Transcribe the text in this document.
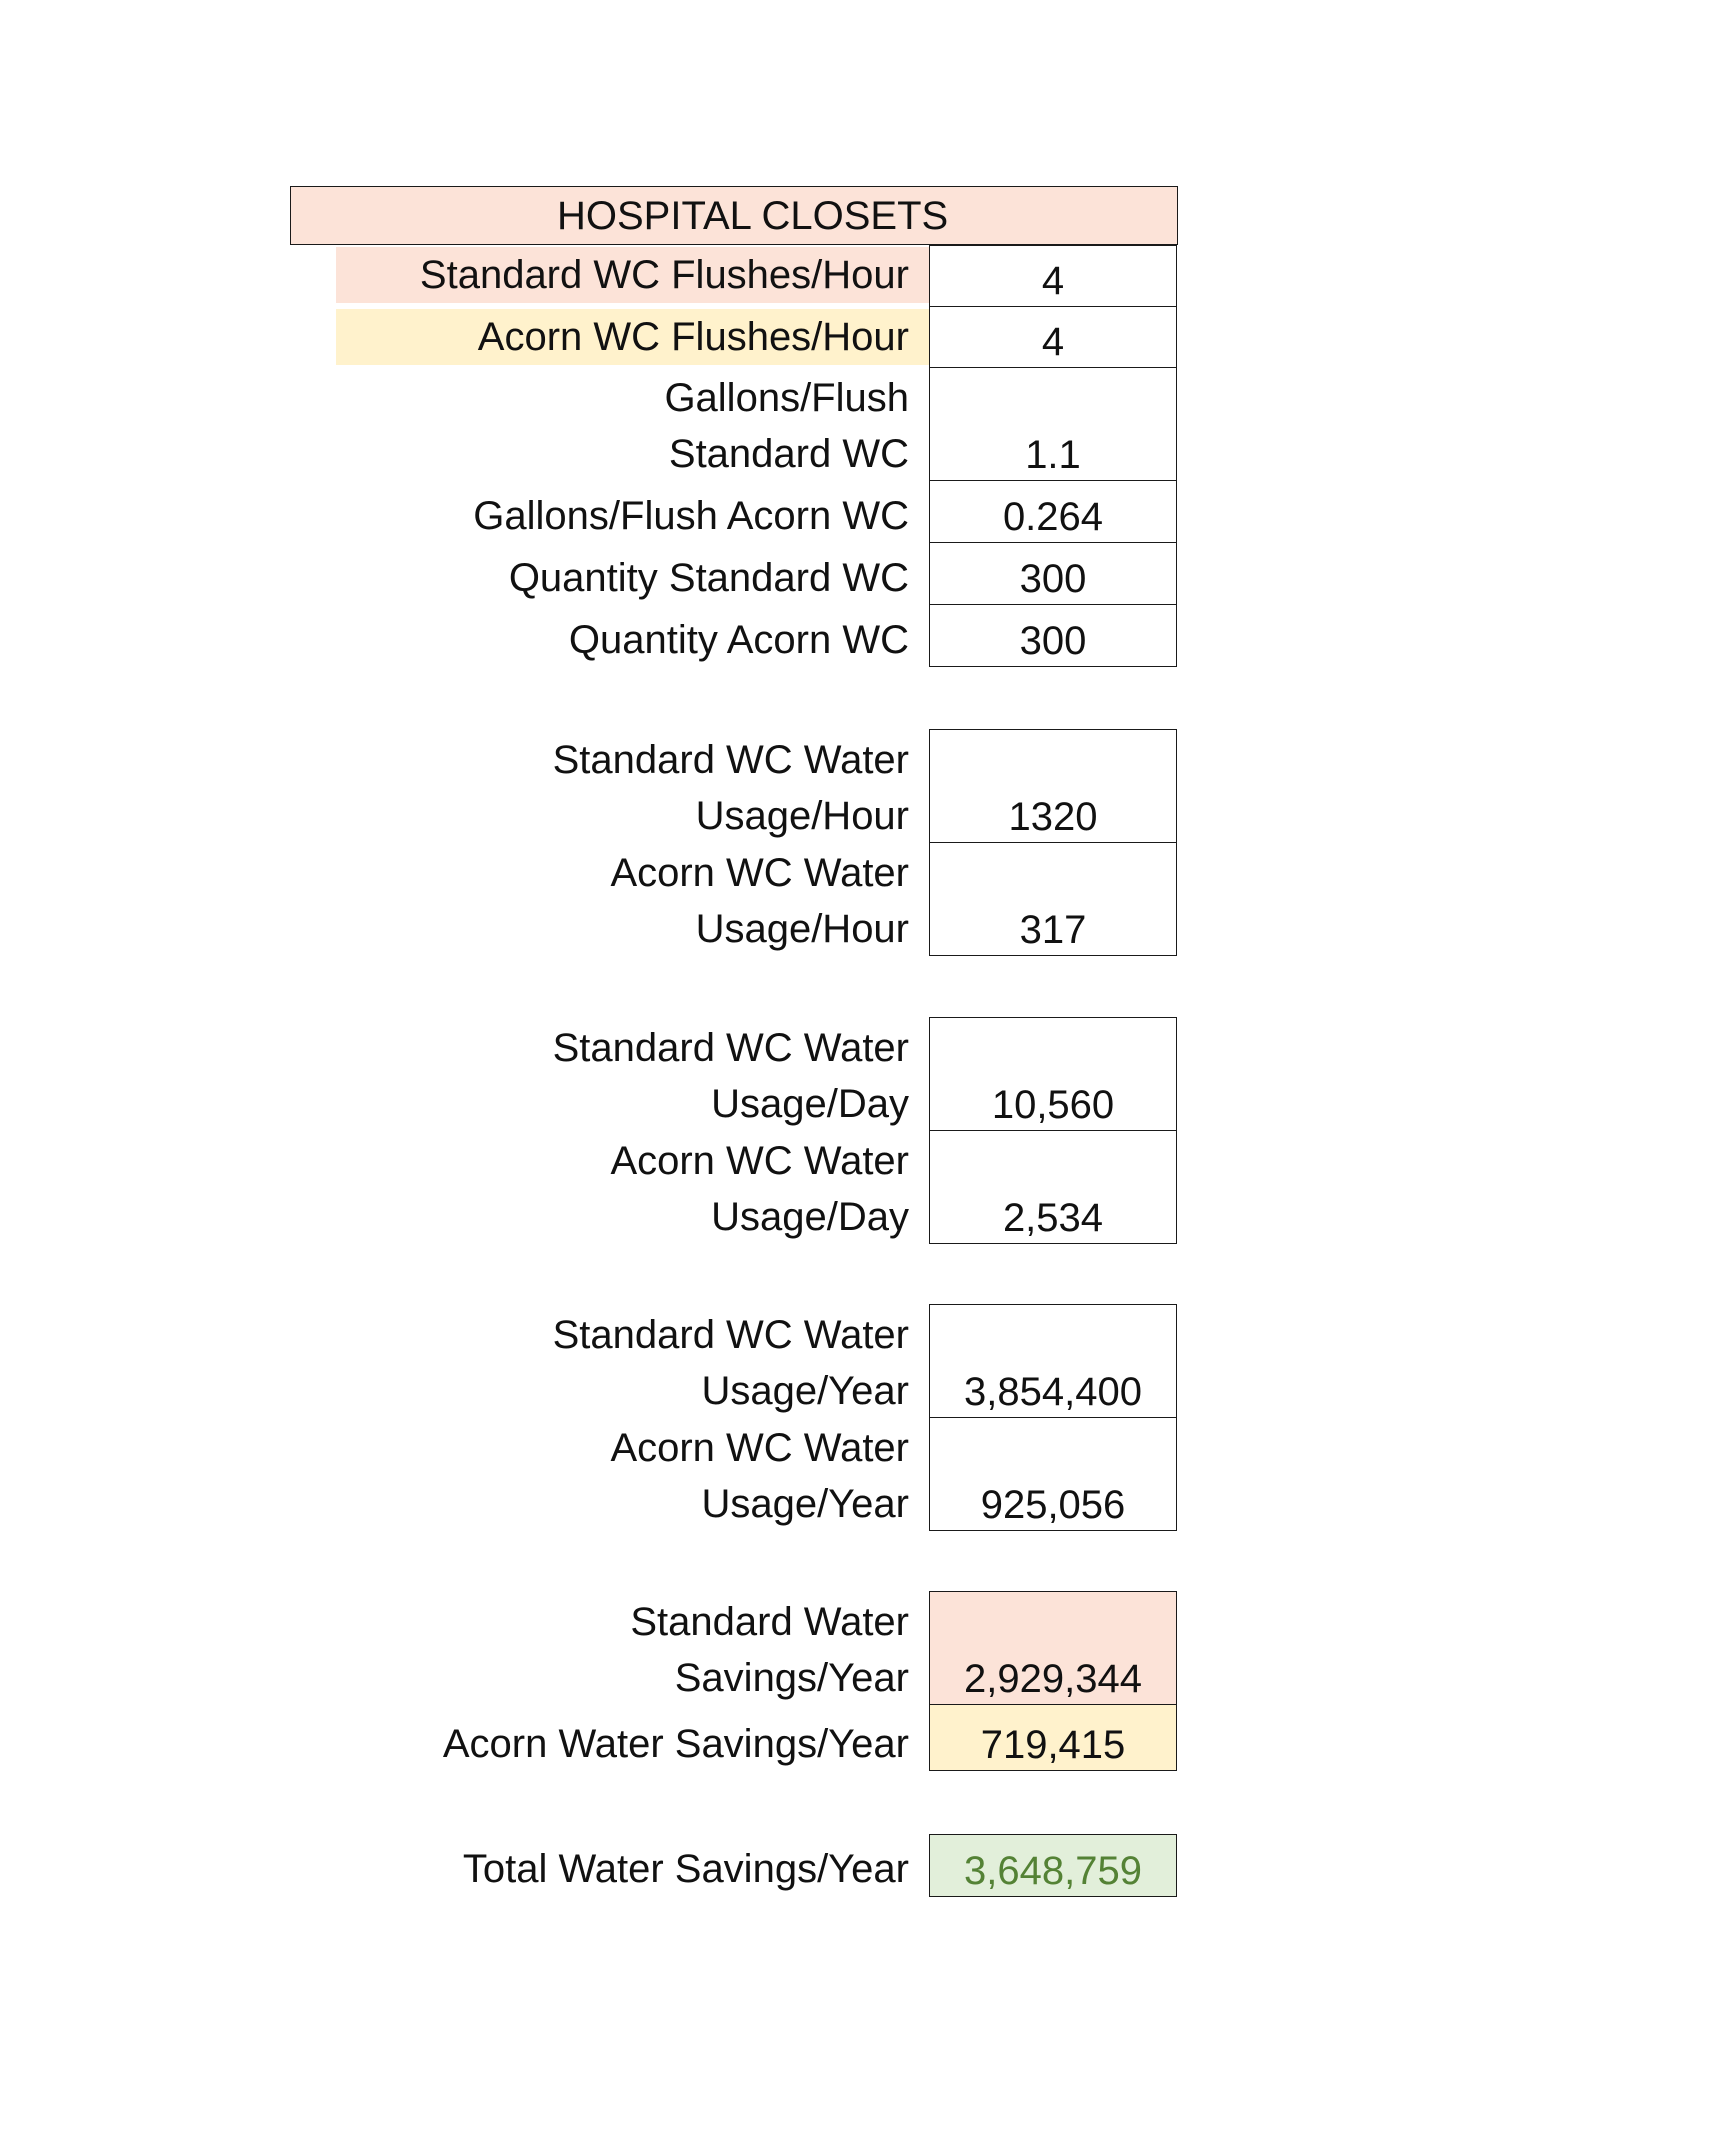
HOSPITAL CLOSETS
Standard WC Flushes/Hour	4
Acorn WC Flushes/Hour	4
Gallons/Flush
Standard WC	1.1
Gallons/Flush Acorn WC 0.264
Quantity Standard WC	300
Quantity Acorn WC	300
Standard WC Water
Usage/Hour 1320
Acorn WC Water
Usage/Hour	317
Standard WC Water
Usage/Day 10,560
Acorn WC Water
Usage/Day 2,534
Standard WC Water
Usage/Year 3,854,400
Acorn WC Water
Usage/Year 925,056
Standard Water
Savings/Year 2,929,344
Acorn Water Savings/Year 719,415
Total Water Savings/Year 3,648,759
